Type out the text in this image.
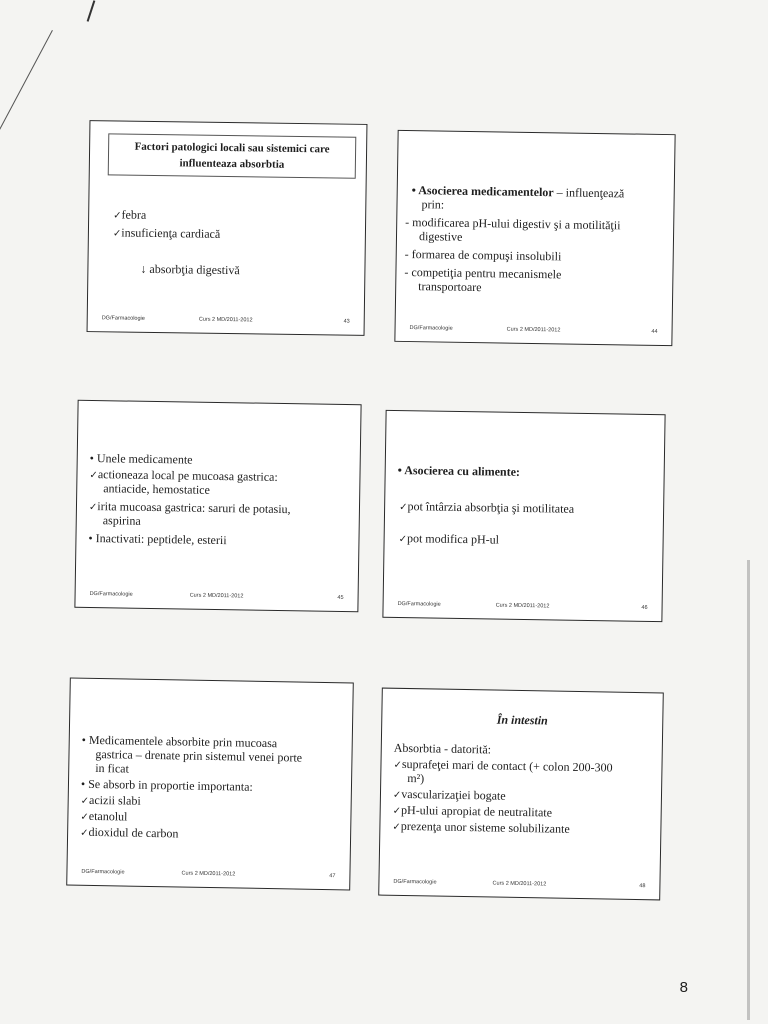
Factori patologici locali sau sistemici care
influenteaza absorbtia
✓ febra
✓ insuficienţa cardiacă
↓ absorbţia digestivă
DG/Farmacologie	Curs 2 MD/2011-2012	43
• Asocierea medicamentelor – influenţează
prin:
- modificarea pH-ului digestiv şi a motilităţii
digestive
- formarea de compuşi insolubili
- competiţia pentru mecanismele
transportoare
DG/Farmacologie	Curs 2 MD/2011-2012	44
• Unele medicamente
✓ actioneaza local pe mucoasa gastrica:
antiacide, hemostatice
✓ irita mucoasa gastrica: saruri de potasiu,
aspirina
• Inactivati: peptidele, esterii
DG/Farmacologie	Curs 2 MD/2011-2012	45
• Asocierea cu alimente:
✓ pot întârzia absorbţia şi motilitatea
✓ pot modifica pH-ul
DG/Farmacologie	Curs 2 MD/2011-2012	46
• Medicamentele absorbite prin mucoasa
gastrica – drenate prin sistemul venei porte
in ficat
• Se absorb in proportie importanta:
✓ acizii slabi
✓ etanolul
✓ dioxidul de carbon
DG/Farmacologie	Curs 2 MD/2011-2012	47
În intestin
Absorbtia - datorită:
✓ suprafeţei mari de contact (+ colon 200-300
m²)
✓ vascularizaţiei bogate
✓ pH-ului apropiat de neutralitate
✓ prezenţa unor sisteme solubilizante
DG/Farmacologie	Curs 2 MD/2011-2012	48
8
